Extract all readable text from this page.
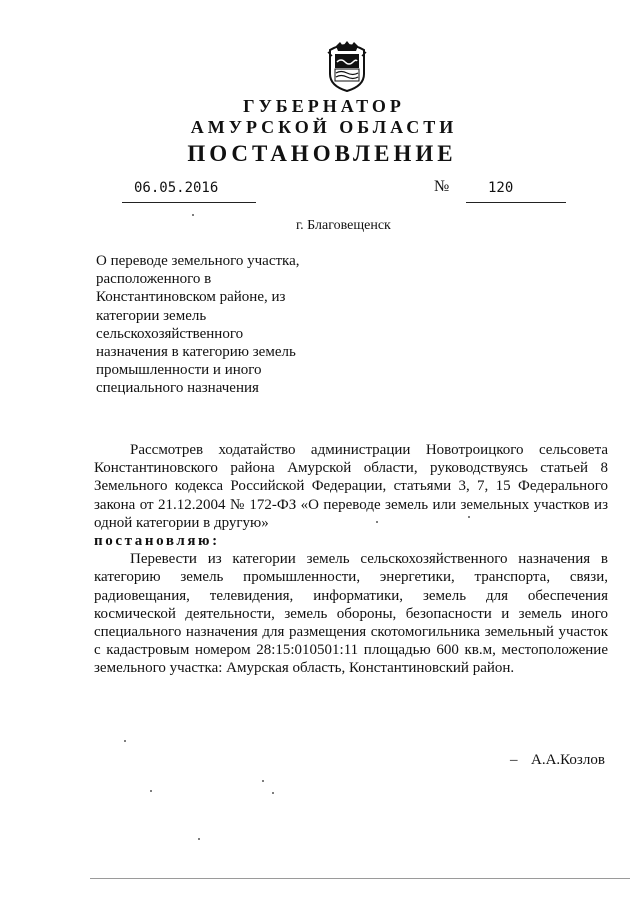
ГУБЕРНАТОР
АМУРСКОЙ ОБЛАСТИ
ПОСТАНОВЛЕНИЕ
06.05.2016	№	120
г. Благовещенск
О переводе земельного участка,
расположенного в
Константиновском районе, из
категории земель
сельскохозяйственного
назначения в категорию земель
промышленности и иного
специального назначения
Рассмотрев ходатайство администрации Новотроицкого сельсовета
Константиновского района Амурской области, руководствуясь статьей 8
Земельного кодекса Российской Федерации, статьями 3, 7, 15 Федерального
закона от 21.12.2004 № 172-ФЗ «О переводе земель или земельных участков из
одной категории в другую»
постановляю:
Перевести из категории земель сельскохозяйственного назначения в
категорию земель промышленности, энергетики, транспорта, связи,
радиовещания, телевидения, информатики, земель для обеспечения
космической деятельности, земель обороны, безопасности и земель иного
специального назначения для размещения скотомогильника земельный участок
с кадастровым номером 28:15:010501:11 площадью 600 кв.м, местоположение
земельного участка: Амурская область, Константиновский район.
– А.А.Козлов
